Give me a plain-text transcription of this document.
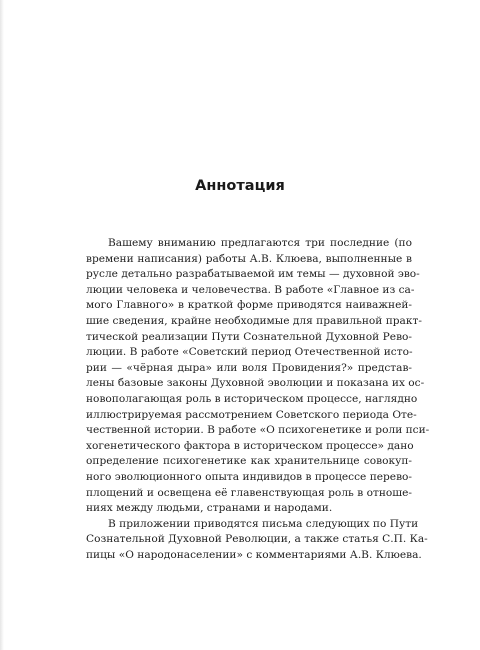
Аннотация
Вашему вниманию предлагаются три последние (по
времени написания) работы А.В. Клюева, выполненные в
русле детально разрабатываемой им темы — духовной эво-
люции человека и человечества. В работе «Главное из са-
мого Главного» в краткой форме приводятся наиважней-
шие сведения, крайне необходимые для правильной практ-
тической реализации Пути Сознательной Духовной Рево-
люции. В работе «Советский период Отечественной исто-
рии — «чёрная дыра» или воля Провидения?» представ-
лены базовые законы Духовной эволюции и показана их ос-
новополагающая роль в историческом процессе, наглядно
иллюстрируемая рассмотрением Советского периода Оте-
чественной истории. В работе «О психогенетике и роли пси-
хогенетического фактора в историческом процессе» дано
определение психогенетике как хранительнице совокуп-
ного эволюционного опыта индивидов в процессе перево-
площений и освещена её главенствующая роль в отноше-
ниях между людьми, странами и народами.
В приложении приводятся письма следующих по Пути
Сознательной Духовной Революции, а также статья С.П. Ка-
пицы «О народонаселении» с комментариями А.В. Клюева.
